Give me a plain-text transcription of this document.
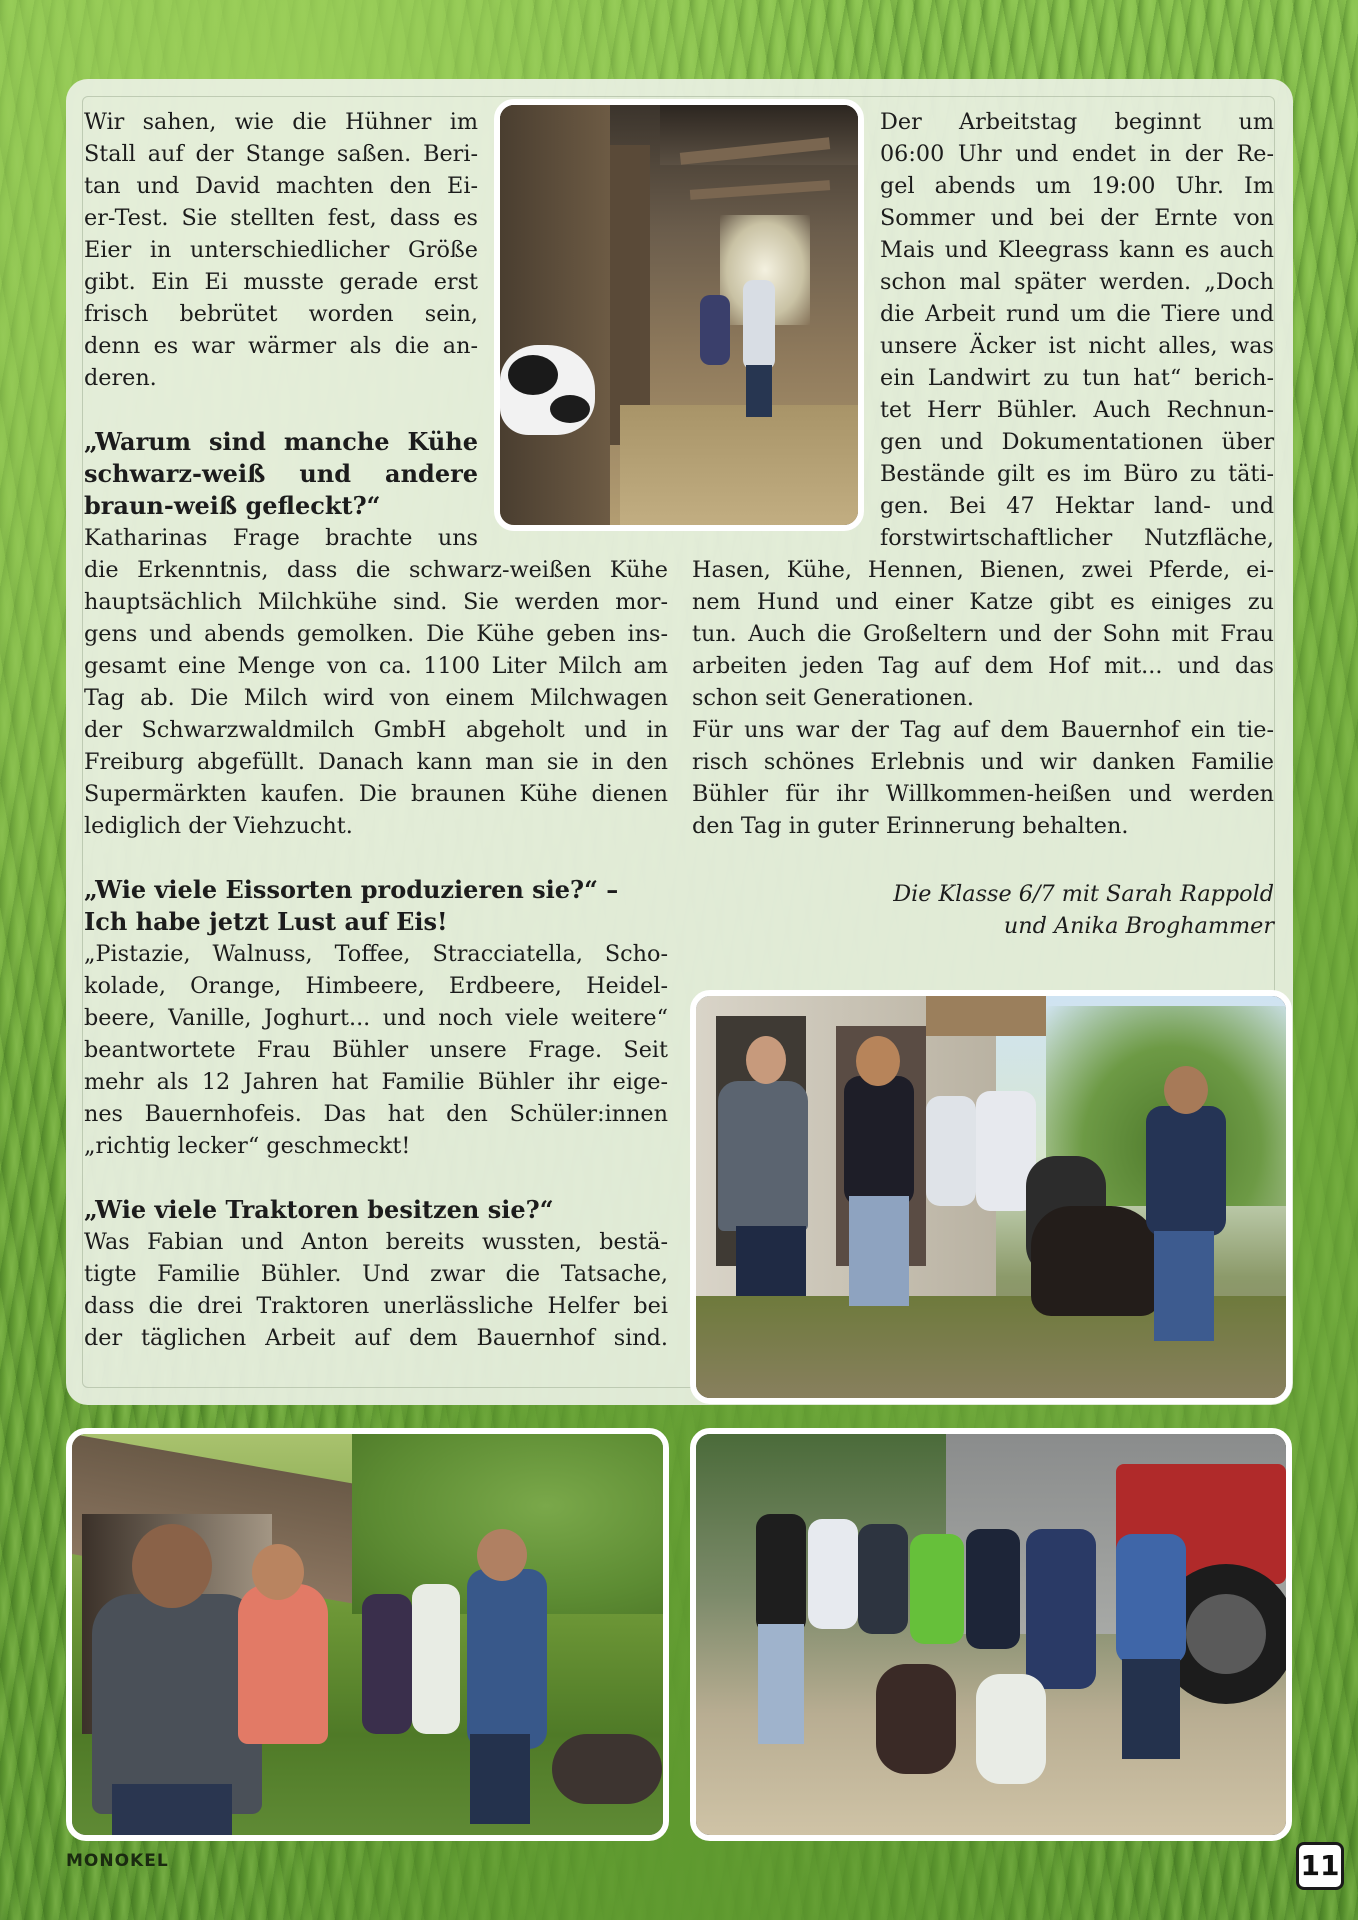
Wir sahen, wie die Hühner im

Stall auf der Stange saßen. Beri-

tan und David machten den Ei-

er-Test. Sie stellten fest, dass es

Eier in unterschiedlicher Größe

gibt. Ein Ei musste gerade erst

frisch bebrütet worden sein,

denn es war wärmer als die an-

deren.

„Warum sind manche Kühe
schwarz-weiß und andere
braun-weiß gefleckt?“

Katharinas Frage brachte uns

die Erkenntnis, dass die schwarz-weißen Kühe

hauptsächlich Milchkühe sind. Sie werden mor-

gens und abends gemolken. Die Kühe geben ins-

gesamt eine Menge von ca. 1100 Liter Milch am

Tag ab. Die Milch wird von einem Milchwagen

der Schwarzwaldmilch GmbH abgeholt und in

Freiburg abgefüllt. Danach kann man sie in den

Supermärkten kaufen. Die braunen Kühe dienen

lediglich der Viehzucht.

„Wie viele Eissorten produzieren sie?“ –
Ich habe jetzt Lust auf Eis!

„Pistazie, Walnuss, Toffee, Stracciatella, Scho-

kolade, Orange, Himbeere, Erdbeere, Heidel-

beere, Vanille, Joghurt... und noch viele weitere“

beantwortete Frau Bühler unsere Frage. Seit

mehr als 12 Jahren hat Familie Bühler ihr eige-

nes Bauernhofeis. Das hat den Schüler:innen

„richtig lecker“ geschmeckt!

„Wie viele Traktoren besitzen sie?“

Was Fabian und Anton bereits wussten, bestä-

tigte Familie Bühler. Und zwar die Tatsache,

dass die drei Traktoren unerlässliche Helfer bei

der täglichen Arbeit auf dem Bauernhof sind.

Der Arbeitstag beginnt um

06:00 Uhr und endet in der Re-

gel abends um 19:00 Uhr. Im

Sommer und bei der Ernte von

Mais und Kleegrass kann es auch

schon mal später werden. „Doch

die Arbeit rund um die Tiere und

unsere Äcker ist nicht alles, was

ein Landwirt zu tun hat“ berich-

tet Herr Bühler. Auch Rechnun-

gen und Dokumentationen über

Bestände gilt es im Büro zu täti-

gen. Bei 47 Hektar land- und

forstwirtschaftlicher Nutzfläche,

Hasen, Kühe, Hennen, Bienen, zwei Pferde, ei-

nem Hund und einer Katze gibt es einiges zu

tun. Auch die Großeltern und der Sohn mit Frau

arbeiten jeden Tag auf dem Hof mit... und das

schon seit Generationen.

Für uns war der Tag auf dem Bauernhof ein tie-

risch schönes Erlebnis und wir danken Familie

Bühler für ihr Willkommen-heißen und werden

den Tag in guter Erinnerung behalten.

Die Klasse 6/7 mit Sarah Rappold

und Anika Broghammer

MONOKEL	11
